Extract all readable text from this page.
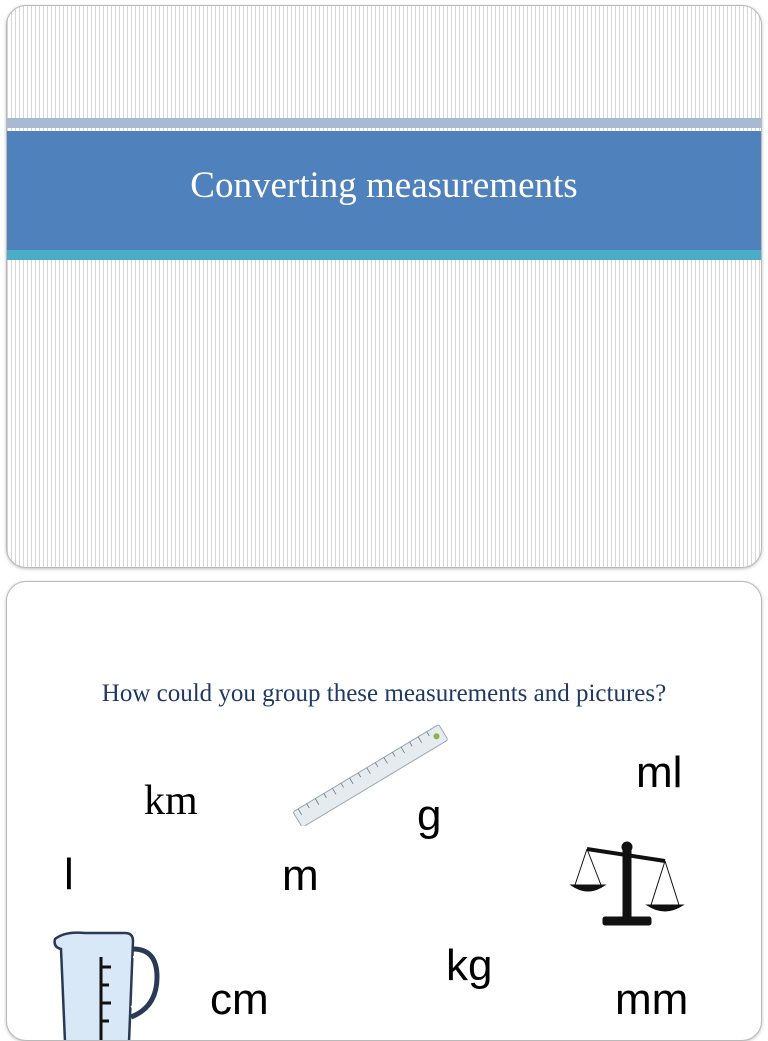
Converting measurements
How could you group these measurements and pictures?
km
ml
g
l	m
kg
cm	mm
